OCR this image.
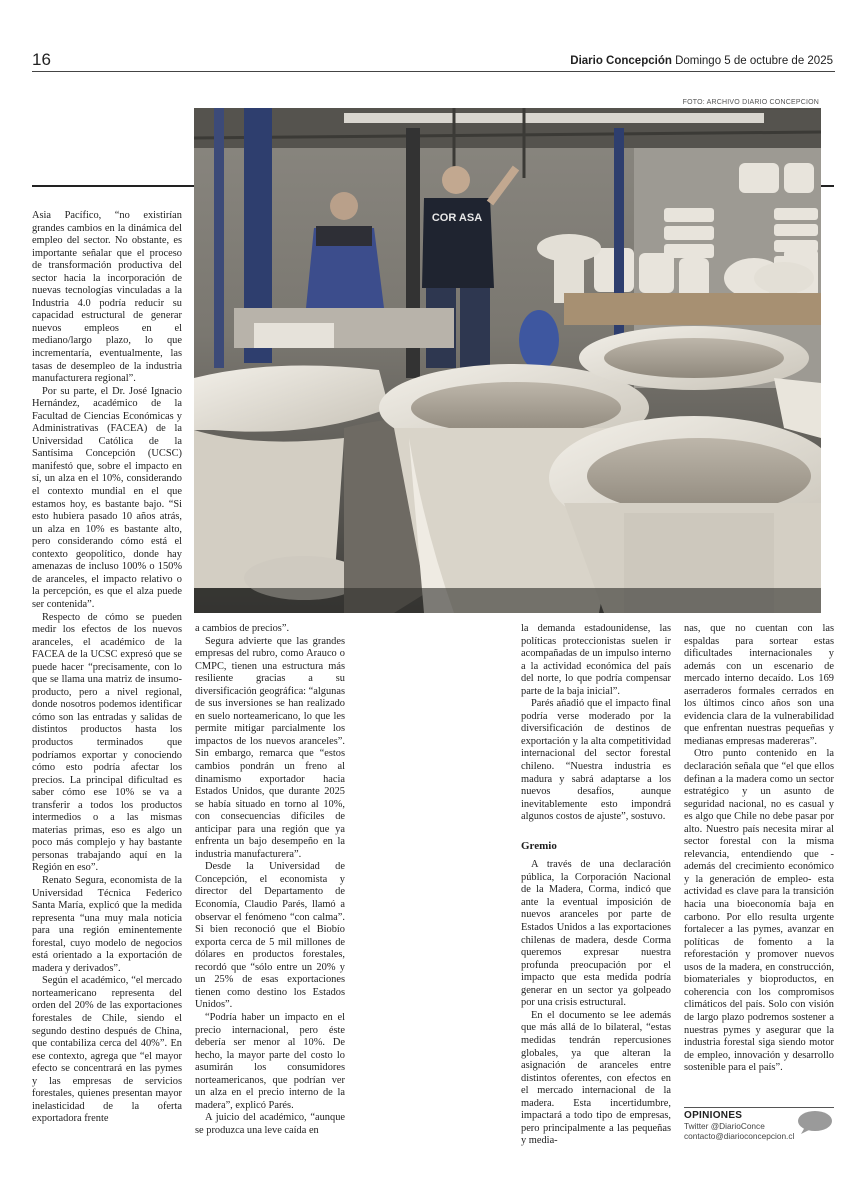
16	Diario Concepción Domingo 5 de octubre de 2025
FOTO: ARCHIVO DIARIO CONCEPCION
COR ASA

Asia Pacífico, “no existirían grandes cambios en la dinámica del empleo del sector. No obstante, es importante señalar que el proceso de transformación productiva del sector hacia la incorporación de nuevas tecnologías vinculadas a la Industria 4.0 podría reducir su capacidad estructural de generar nuevos empleos en el mediano/largo plazo, lo que incrementaría, eventualmente, las tasas de desempleo de la industria manufacturera regional”.

Por su parte, el Dr. José Ignacio Hernández, académico de la Facultad de Ciencias Económicas y Administrativas (FACEA) de la Universidad Católica de la Santísima Concepción (UCSC) manifestó que, sobre el impacto en sí, un alza en el 10%, considerando el contexto mundial en el que estamos hoy, es bastante bajo. “Si esto hubiera pasado 10 años atrás, un alza en 10% es bastante alto, pero considerando cómo está el contexto geopolítico, donde hay amenazas de incluso 100% o 150% de aranceles, el impacto relativo o la percepción, es que el alza puede ser contenida”.

Respecto de cómo se pueden medir los efectos de los nuevos aranceles, el académico de la FACEA de la UCSC expresó que se puede hacer “precisamente, con lo que se llama una matriz de insumo-producto, pero a nivel regional, donde nosotros podemos identificar cómo son las entradas y salidas de distintos productos hasta los productos terminados que podríamos exportar y conociendo cómo esto podría afectar los precios. La principal dificultad es saber cómo ese 10% se va a transferir a todos los productos intermedios o a las mismas materias primas, eso es algo un poco más complejo y hay bastante personas trabajando aquí en la Región en eso”.

Renato Segura, economista de la Universidad Técnica Federico Santa María, explicó que la medida representa “una muy mala noticia para una región eminentemente forestal, cuyo modelo de negocios está orientado a la exportación de madera y derivados”.

Según el académico, “el mercado norteamericano representa del orden del 20% de las exportaciones forestales de Chile, siendo el segundo destino después de China, que contabiliza cerca del 40%”. En ese contexto, agrega que “el mayor efecto se concentrará en las pymes y las empresas de servicios forestales, quienes presentan mayor inelasticidad de la oferta exportadora frente

a cambios de precios”.

Segura advierte que las grandes empresas del rubro, como Arauco o CMPC, tienen una estructura más resiliente gracias a su diversificación geográfica: “algunas de sus inversiones se han realizado en suelo norteamericano, lo que les permite mitigar parcialmente los impactos de los nuevos aranceles”. Sin embargo, remarca que “estos cambios pondrán un freno al dinamismo exportador hacia Estados Unidos, que durante 2025 se había situado en torno al 10%, con consecuencias difíciles de anticipar para una región que ya enfrenta un bajo desempeño en la industria manufacturera”.

Desde la Universidad de Concepción, el economista y director del Departamento de Economía, Claudio Parés, llamó a observar el fenómeno “con calma”. Si bien reconoció que el Biobío exporta cerca de 5 mil millones de dólares en productos forestales, recordó que “sólo entre un 20% y un 25% de esas exportaciones tienen como destino los Estados Unidos”.

“Podría haber un impacto en el precio internacional, pero éste debería ser menor al 10%. De hecho, la mayor parte del costo lo asumirán los consumidores norteamericanos, que podrían ver un alza en el precio interno de la madera”, explicó Parés.

A juicio del académico, “aunque se produzca una leve caída en

la demanda estadounidense, las políticas proteccionistas suelen ir acompañadas de un impulso interno a la actividad económica del país del norte, lo que podría compensar parte de la baja inicial”.

Parés añadió que el impacto final podría verse moderado por la diversificación de destinos de exportación y la alta competitividad internacional del sector forestal chileno. “Nuestra industria es madura y sabrá adaptarse a los nuevos desafíos, aunque inevitablemente esto impondrá algunos costos de ajuste”, sostuvo.

Gremio

A través de una declaración pública, la Corporación Nacional de la Madera, Corma, indicó que ante la eventual imposición de nuevos aranceles por parte de Estados Unidos a las exportaciones chilenas de madera, desde Corma queremos expresar nuestra profunda preocupación por el impacto que esta medida podría generar en un sector ya golpeado por una crisis estructural.

En el documento se lee además que más allá de lo bilateral, “estas medidas tendrán repercusiones globales, ya que alteran la asignación de aranceles entre distintos oferentes, con efectos en el mercado internacional de la madera. Esta incertidumbre, impactará a todo tipo de empresas, pero principalmente a las pequeñas y media-

nas, que no cuentan con las espaldas para sortear estas dificultades internacionales y además con un escenario de mercado interno decaído. Los 169 aserraderos formales cerrados en los últimos cinco años son una evidencia clara de la vulnerabilidad que enfrentan nuestras pequeñas y medianas empresas madereras”.

Otro punto contenido en la declaración señala que “el que ellos definan a la madera como un sector estratégico y un asunto de seguridad nacional, no es casual y es algo que Chile no debe pasar por alto. Nuestro país necesita mirar al sector forestal con la misma relevancia, entendiendo que -además del crecimiento económico y la generación de empleo- esta actividad es clave para la transición hacia una bioeconomía baja en carbono. Por ello resulta urgente fortalecer a las pymes, avanzar en políticas de fomento a la reforestación y promover nuevos usos de la madera, en construcción, biomateriales y bioproductos, en coherencia con los compromisos climáticos del país. Solo con visión de largo plazo podremos sostener a nuestras pymes y asegurar que la industria forestal siga siendo motor de empleo, innovación y desarrollo sostenible para el país”.

OPINIONES
Twitter @DiarioConce
contacto@diarioconcepcion.cl
